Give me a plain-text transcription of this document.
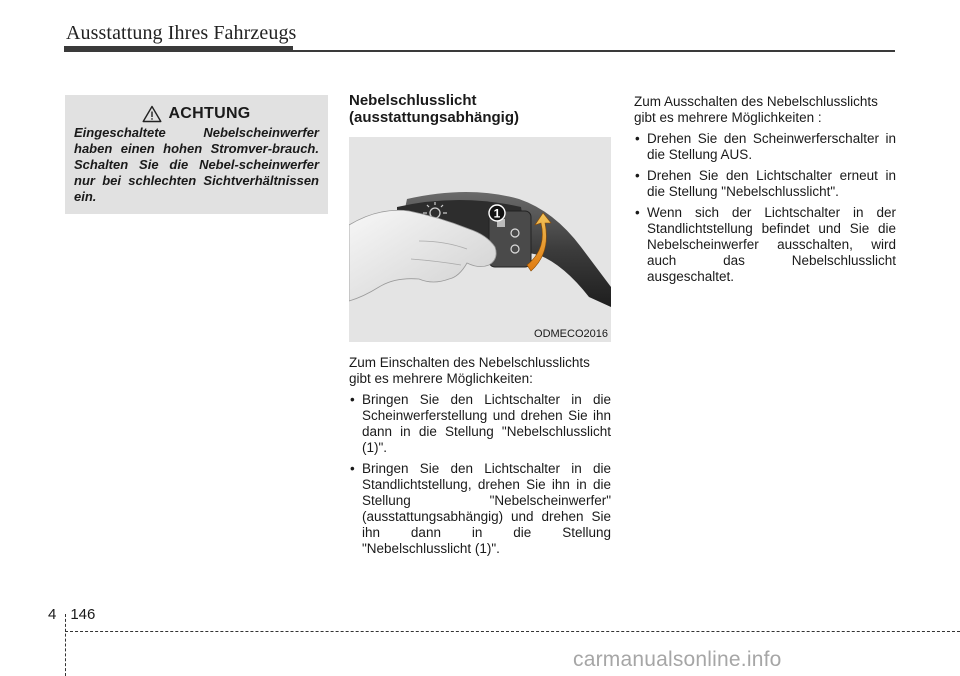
Ausstattung Ihres Fahrzeugs
ACHTUNG
Eingeschaltete Nebelscheinwerfer haben einen hohen Stromver-brauch. Schalten Sie die Nebel-scheinwerfer nur bei schlechten Sichtverhältnissen ein.

Nebelschlusslicht

(ausstattungsabhängig)

1
ODMECO2016

Zum Einschalten des Nebelschlusslichts gibt es mehrere Möglichkeiten:

• Bringen Sie den Lichtschalter in die Scheinwerferstellung und drehen Sie ihn dann in die Stellung "Nebelschlusslicht (1)".
• Bringen Sie den Lichtschalter in die Standlichtstellung, drehen Sie ihn in die Stellung "Nebelscheinwerfer" (ausstattungsabhängig) und drehen Sie ihn dann in die Stellung "Nebelschlusslicht (1)".

Zum Ausschalten des Nebelschlusslichts gibt es mehrere Möglichkeiten :

• Drehen Sie den Scheinwerferschalter in die Stellung AUS.
• Drehen Sie den Lichtschalter erneut in die Stellung "Nebelschlusslicht".
• Wenn sich der Lichtschalter in der Standlichtstellung befindet und Sie die Nebelscheinwerfer ausschalten, wird auch das Nebelschlusslicht ausgeschaltet.
4 146
carmanualsonline.info
